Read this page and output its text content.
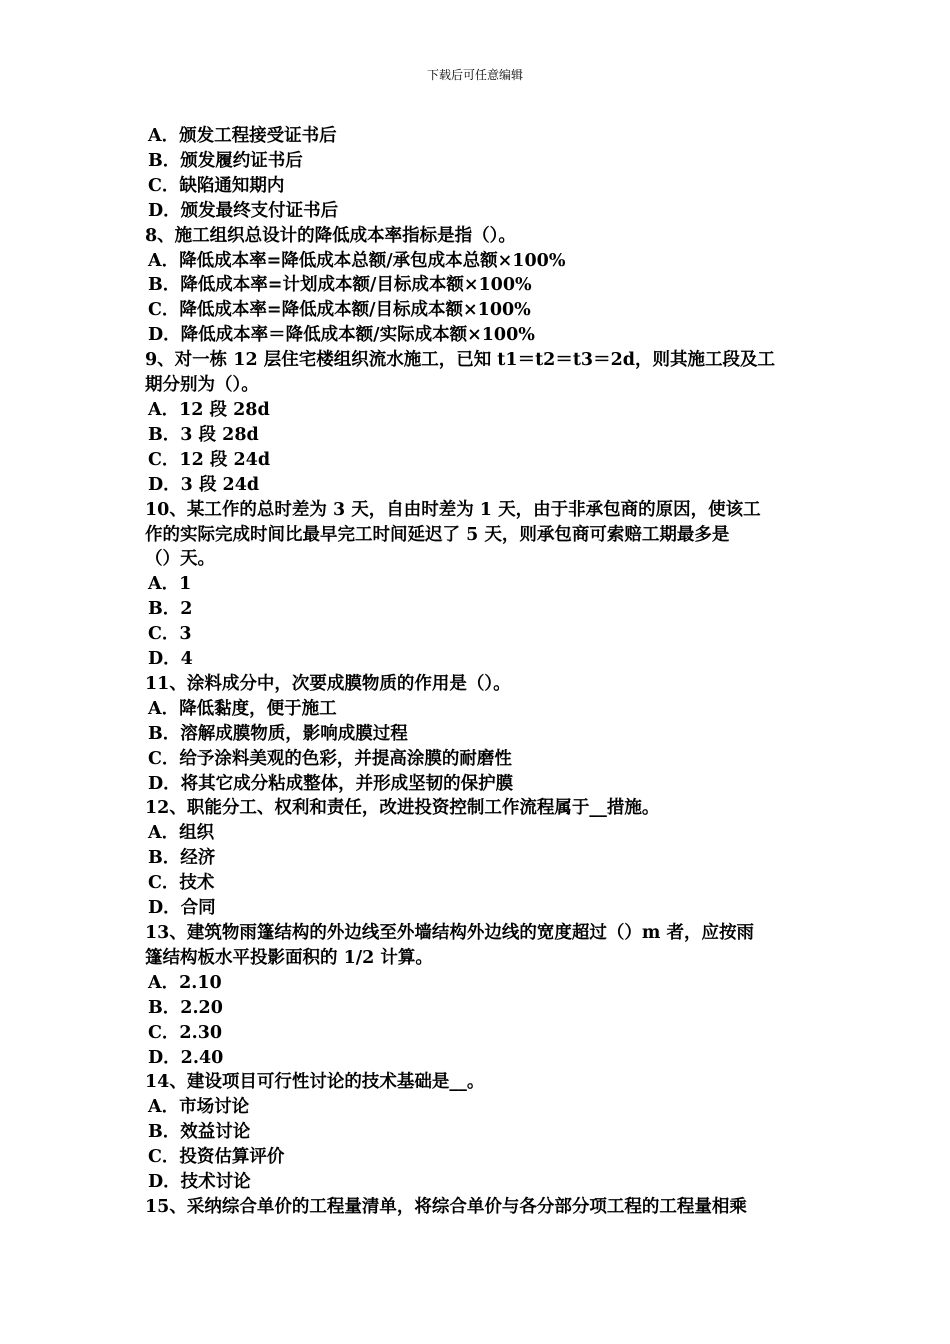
下载后可任意编辑
A．颁发工程接受证书后
B．颁发履约证书后
C．缺陷通知期内
D．颁发最终支付证书后
8、施工组织总设计的降低成本率指标是指（）。
A．降低成本率=降低成本总额/承包成本总额×100%
B．降低成本率=计划成本额/目标成本额×100%
C．降低成本率=降低成本额/目标成本额×100%
D．降低成本率＝降低成本额/实际成本额×100%
9、对一栋 12 层住宅楼组织流水施工，已知 t1＝t2＝t3＝2d，则其施工段及工
期分别为（）。
A．12 段 28d
B．3 段 28d
C．12 段 24d
D．3 段 24d
10、某工作的总时差为 3 天，自由时差为 1 天，由于非承包商的原因，使该工
作的实际完成时间比最早完工时间延迟了 5 天，则承包商可索赔工期最多是
（）天。
A．1
B．2
C．3
D．4
11、涂料成分中，次要成膜物质的作用是（）。
A．降低黏度，便于施工
B．溶解成膜物质，影响成膜过程
C．给予涂料美观的色彩，并提高涂膜的耐磨性
D．将其它成分粘成整体，并形成坚韧的保护膜
12、职能分工、权利和责任，改进投资控制工作流程属于__措施。
A．组织
B．经济
C．技术
D．合同
13、建筑物雨篷结构的外边线至外墙结构外边线的宽度超过（）m 者，应按雨
篷结构板水平投影面积的 1/2 计算。
A．2.10
B．2.20
C．2.30
D．2.40
14、建设项目可行性讨论的技术基础是__。
A．市场讨论
B．效益讨论
C．投资估算评价
D．技术讨论
15、采纳综合单价的工程量清单，将综合单价与各分部分项工程的工程量相乘
